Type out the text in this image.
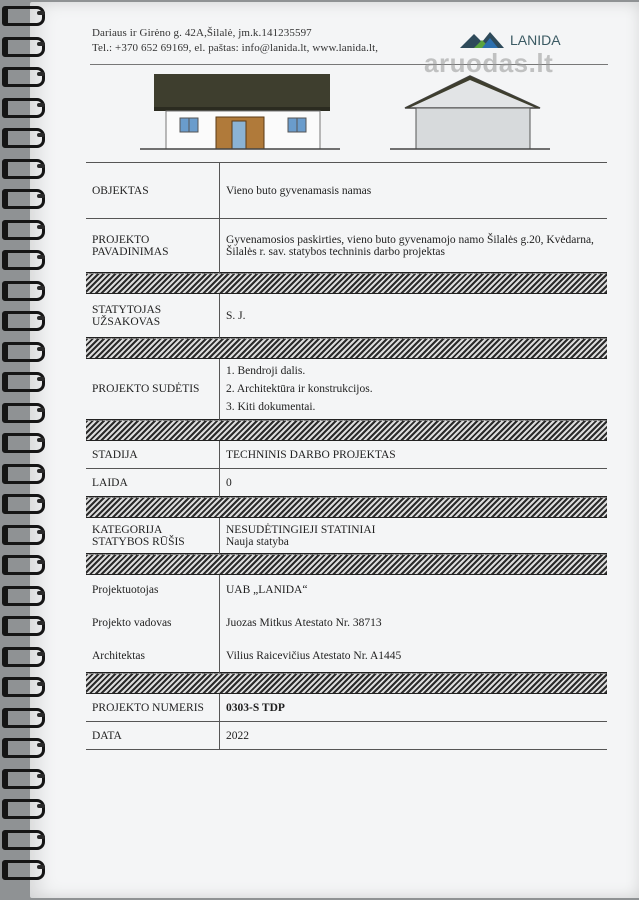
Dariaus ir Girėno g. 42A,Šilalė, jm.k.141235597
Tel.: +370 652 69169, el. paštas: info@lanida.lt, www.lanida.lt,	LANIDA
aruodas.lt
OBJEKTAS	Vieno buto gyvenamasis namas
PROJEKTO
PAVADINIMAS	Gyvenamosios paskirties, vieno buto gyvenamojo namo Šilalės g.20, Kvėdarna, Šilalės r. sav. statybos techninis darbo projektas

STATYTOJAS
UŽSAKOVAS	S. J.

PROJEKTO SUDĖTIS	1. Bendroji dalis.
2. Architektūra ir konstrukcijos.
3. Kiti dokumentai.

STADIJA	TECHNINIS DARBO PROJEKTAS
LAIDA	0

KATEGORIJA
STATYBOS RŪŠIS	NESUDĖTINGIEJI STATINIAI
Nauja statyba

Projektuotojas	UAB „LANIDA“
Projekto vadovas	Juozas Mitkus Atestato Nr. 38713
Architektas	Vilius Raicevičius Atestato Nr. A1445

PROJEKTO NUMERIS	0303-S TDP
DATA	2022
